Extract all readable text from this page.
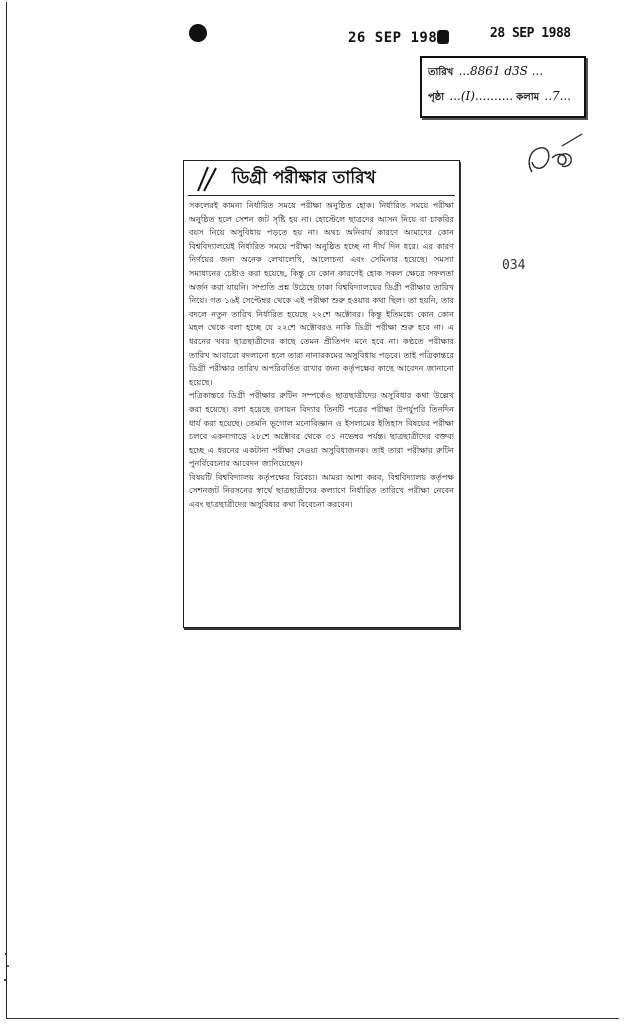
26 SEP 198	28 SEP 1988
তারিখ ...8861 d3S ...
পৃষ্ঠা ...(I).......... কলাম ..7...
034
ডিগ্রী পরীক্ষার তারিখ

সকলেরই কামনা নির্ধারিত সময়ে পরীক্ষা অনুষ্ঠিত হোক। নির্ধারিত সময়ে পরীক্ষা অনুষ্ঠিত হলে সেশন জট সৃষ্টি হয় না। হোস্টেলে ছাত্রদের আসন নিয়ে বা চাকরির বয়স নিয়ে অসুবিধায় পড়তে হয় না। অথচ অনিবার্য কারণে আমাদের কোন বিশ্ববিদ্যালয়েই নির্ধারিত সময়ে পরীক্ষা অনুষ্ঠিত হচ্ছে না দীর্ঘ দিন ধরে। এর কারণ নির্ণয়ের জন্য অনেক লেখালেখি, আলোচনা এবং সেমিনার হয়েছে। সমস্যা সমাধানের চেষ্টাও করা হয়েছে, কিন্তু যে কোন কারণেই হোক সকল ক্ষেত্রে সফলতা অর্জন করা যায়নি। সম্প্রতি প্রশ্ন উঠেছে ঢাকা বিশ্ববিদ্যালয়ের ডিগ্রী পরীক্ষার তারিখ নিয়ে। গত ১৬ই সেপ্টেম্বর থেকে এই পরীক্ষা শুরু হওয়ার কথা ছিল। তা হয়নি, তার বদলে নতুন তারিখ নির্ধারিত হয়েছে ২২শে অক্টোবর। কিন্তু ইতিমধ্যে কোন কোন মহল থেকে বলা হচ্ছে যে ২২শে অক্টোবরও নাকি ডিগ্রী পরীক্ষা শুরু হবে না। এ ধরনের খবর ছাত্রছাত্রীদের কাছে তেমন প্রীতিপদ মনে হবে না। কণ্ঠতে পরীক্ষার তারিখ আবারো বদলানো হলে তারা নানারকমের অসুবিধায় পড়বে। তাই পত্রিকান্তরে ডিগ্রী পরীক্ষার তারিখ অপরিবর্তিত রাখার জন্য কর্তৃপক্ষের কাছে আবেদন জানানো হয়েছে।

পত্রিকান্তরে ডিগ্রী পরীক্ষার রুটিন সম্পর্কেও ছাত্রছাত্রীদের অসুবিধার কথা উল্লেখ করা হয়েছে। বলা হয়েছে রসায়ন বিদ্যার তিনটি পত্রের পরীক্ষা উপর্যুপরি তিনদিন ধার্য করা হয়েছে। তেমনি ভূগোল মনোবিজ্ঞান ও ইসলামের ইতিহাস বিষয়ের পরীক্ষা চলবে একনাগাড়ে ২৮শে অক্টোবর থেকে ৩১ নভেম্বর পর্যন্ত। ছাত্রছাত্রীদের বক্তব্য হচ্ছে এ ধরনের একটানা পরীক্ষা দেওয়া অসুবিধাজনক। তাই তারা পরীক্ষার রুটিন পুনর্বিবেচনার আবেদন জানিয়েছেন।

বিষয়টি বিশ্ববিদ্যালয় কর্তৃপক্ষের বিবেচ্য। আমরা আশা করব, বিশ্ববিদ্যালয় কর্তৃপক্ষ সেশনজট নিরসনের স্বার্থে ছাত্রছাত্রীদের কল্যাণে নির্ধারিত তারিখে পরীক্ষা নেবেন এবং ছাত্রছাত্রীদের অসুবিধার কথা বিবেচনা করবেন।
